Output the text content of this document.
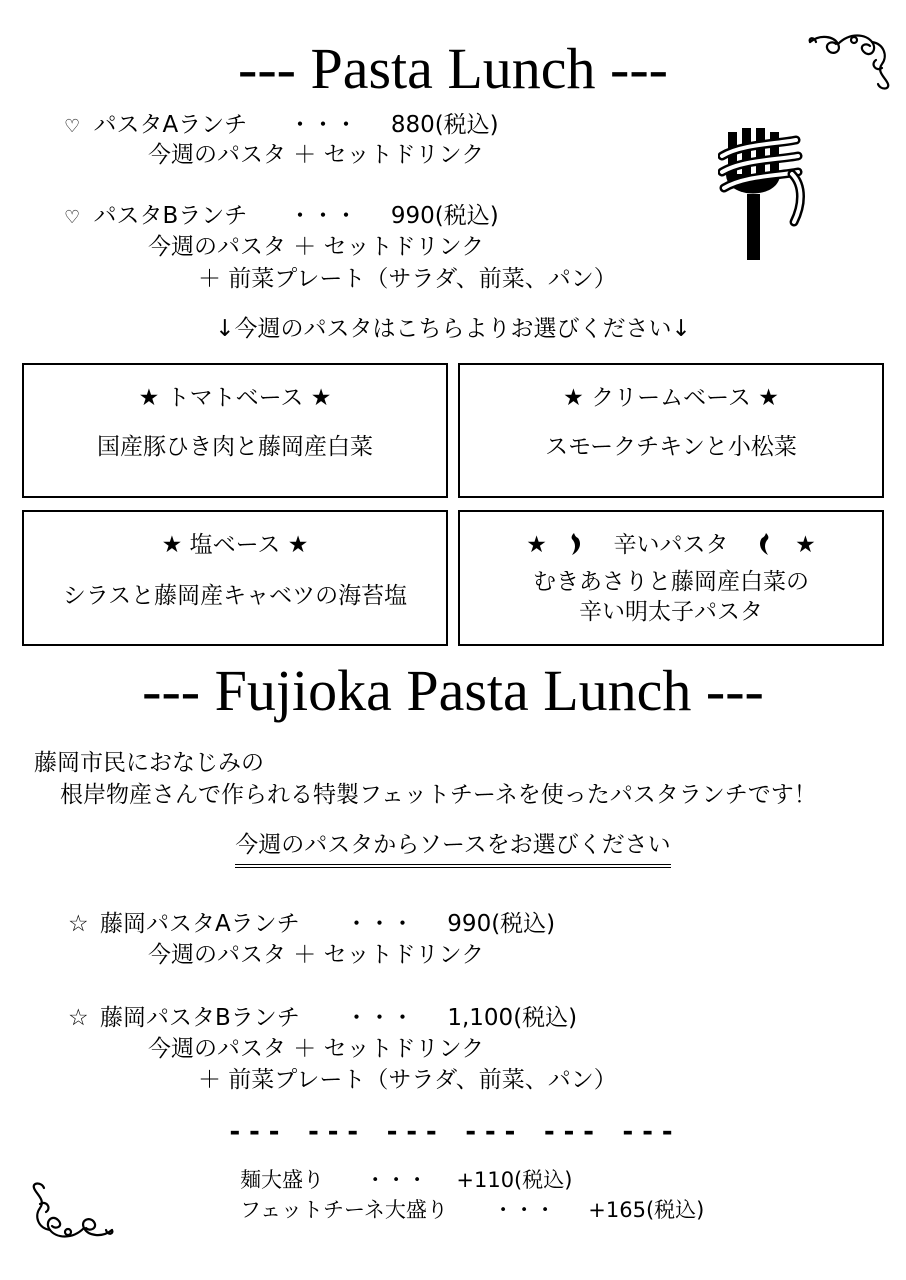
--- Pasta Lunch ---
♡ パスタAランチ ・・・ 880(税込)
今週のパスタ ＋ セットドリンク
♡ パスタBランチ ・・・ 990(税込)
今週のパスタ ＋ セットドリンク
＋ 前菜プレート（サラダ、前菜、パン）
↓今週のパスタはこちらよりお選びください↓
★ トマトベース ★
国産豚ひき肉と藤岡産白菜
★ クリームベース ★
スモークチキンと小松菜
★ 塩ベース ★
シラスと藤岡産キャベツの海苔塩
★	辛いパスタ	★
むきあさりと藤岡産白菜の
辛い明太子パスタ
--- Fujioka Pasta Lunch ---
藤岡市民におなじみの
根岸物産さんで作られる特製フェットチーネを使ったパスタランチです！
今週のパスタからソースをお選びください
☆ 藤岡パスタAランチ ・・・ 990(税込)
今週のパスタ ＋ セットドリンク
☆ 藤岡パスタBランチ ・・・ 1,100(税込)
今週のパスタ ＋ セットドリンク
＋ 前菜プレート（サラダ、前菜、パン）
--- --- --- --- --- ---
麺大盛り ・・・ +110(税込)
フェットチーネ大盛り ・・・ +165(税込)
